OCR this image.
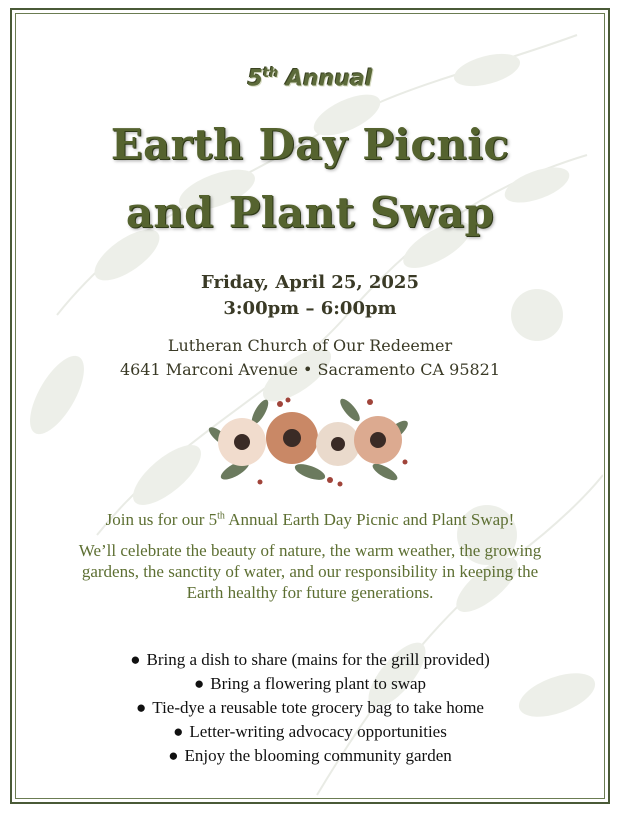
5th Annual
Earth Day Picnic
and Plant Swap
Friday, April 25, 2025
3:00pm – 6:00pm
Lutheran Church of Our Redeemer
4641 Marconi Avenue • Sacramento CA 95821
Join us for our 5th Annual Earth Day Picnic and Plant Swap!
We’ll celebrate the beauty of nature, the warm weather, the growing
gardens, the sanctity of water, and our responsibility in keeping the
Earth healthy for future generations.
● Bring a dish to share (mains for the grill provided)
● Bring a flowering plant to swap
● Tie-dye a reusable tote grocery bag to take home
● Letter-writing advocacy opportunities
● Enjoy the blooming community garden
